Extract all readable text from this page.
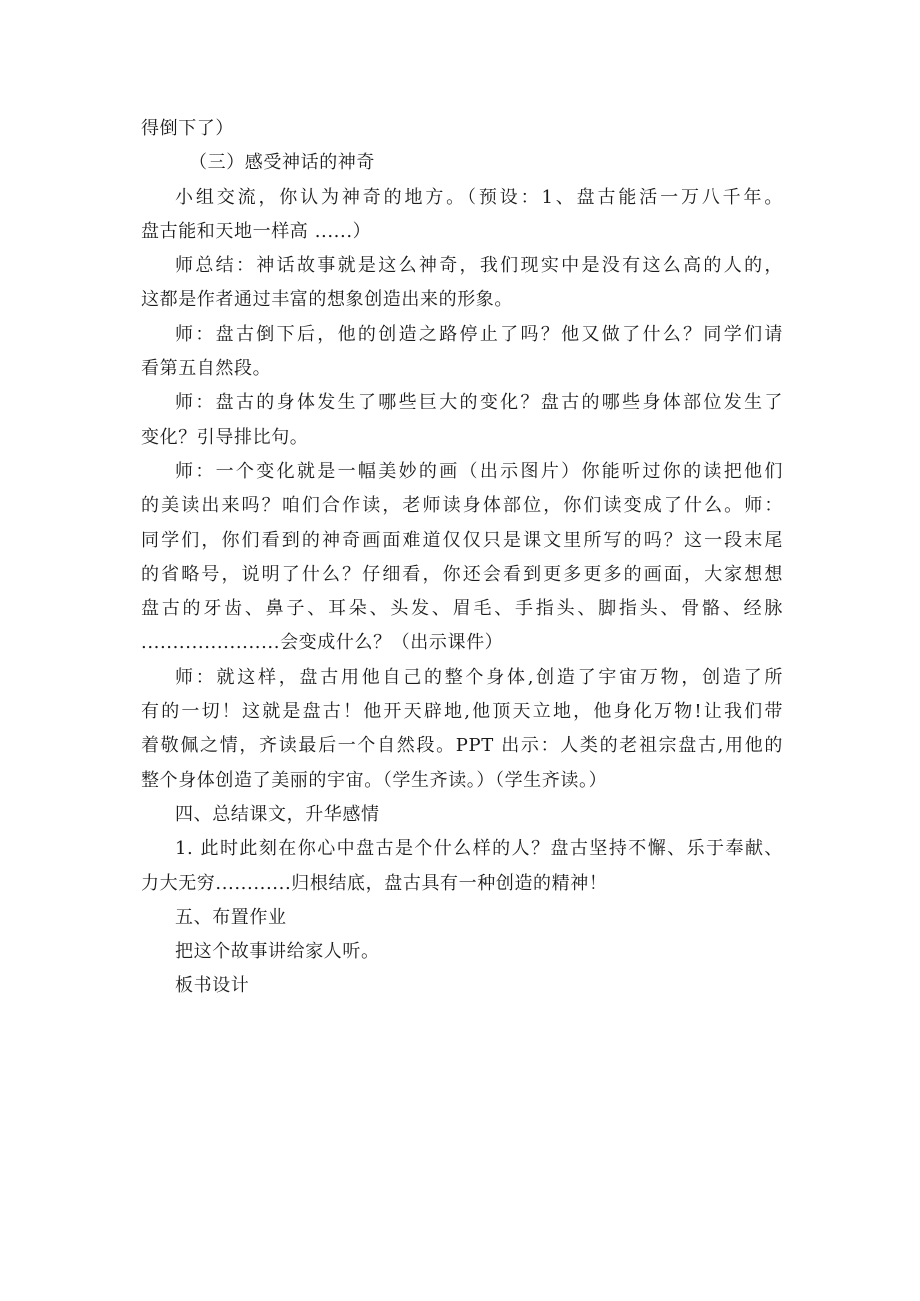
得倒下了）
（三）感受神话的神奇
小组交流，你认为神奇的地方。（预设：1、盘古能活一万八千年。
盘古能和天地一样高 ......）
师总结：神话故事就是这么神奇，我们现实中是没有这么高的人的，
这都是作者通过丰富的想象创造出来的形象。
师：盘古倒下后，他的创造之路停止了吗？他又做了什么？同学们请
看第五自然段。
师：盘古的身体发生了哪些巨大的变化？盘古的哪些身体部位发生了
变化？引导排比句。
师：一个变化就是一幅美妙的画（出示图片）你能听过你的读把他们
的美读出来吗？咱们合作读，老师读身体部位，你们读变成了什么。师：
同学们，你们看到的神奇画面难道仅仅只是课文里所写的吗？这一段末尾
的省略号，说明了什么？仔细看，你还会看到更多更多的画面，大家想想
盘古的牙齿、鼻子、耳朵、头发、眉毛、手指头、脚指头、骨骼、经脉
......................会变成什么？（出示课件）
师：就这样，盘古用他自己的整个身体,创造了宇宙万物，创造了所
有的一切！这就是盘古！他开天辟地,他顶天立地，他身化万物!让我们带
着敬佩之情，齐读最后一个自然段。PPT 出示：人类的老祖宗盘古,用他的
整个身体创造了美丽的宇宙。（学生齐读。）（学生齐读。）
四、总结课文，升华感情
1. 此时此刻在你心中盘古是个什么样的人？盘古坚持不懈、乐于奉献、
力大无穷............归根结底，盘古具有一种创造的精神！
五、布置作业
把这个故事讲给家人听。
板书设计
